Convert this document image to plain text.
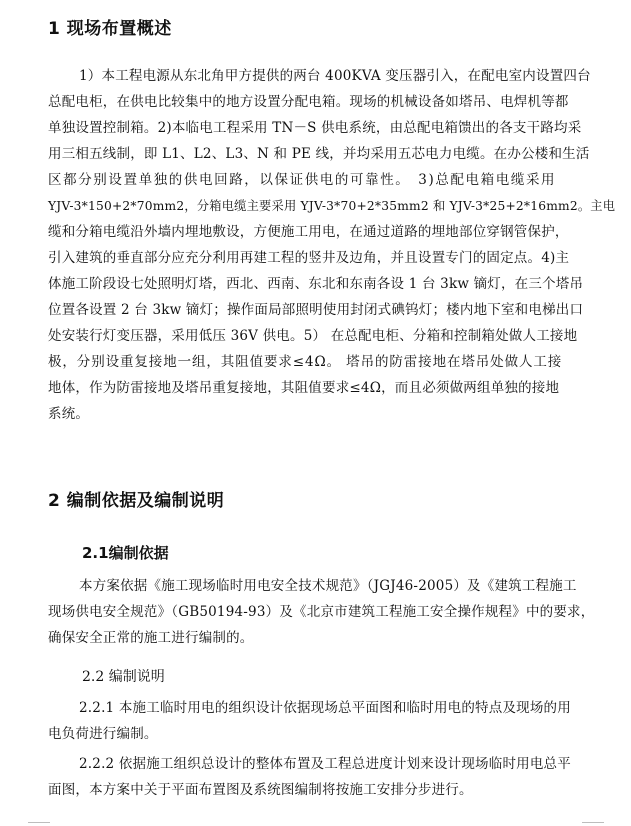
1 现场布置概述
1）本工程电源从东北角甲方提供的两台 400KVA 变压器引入，在配电室内设置四台
总配电柜，在供电比较集中的地方设置分配电箱。现场的机械设备如塔吊、电焊机等都
单独设置控制箱。2)本临电工程采用 TN－S 供电系统，由总配电箱馈出的各支干路均采
用三相五线制，即 L1、L2、L3、N 和 PE 线，并均采用五芯电力电缆。在办公楼和生活
区都分别设置单独的供电回路，以保证供电的可靠性。 3)总配电箱电缆采用
YJV-3*150+2*70mm2，分箱电缆主要采用 YJV-3*70+2*35mm2 和 YJV-3*25+2*16mm2。主电
缆和分箱电缆沿外墙内埋地敷设，方便施工用电，在通过道路的埋地部位穿钢管保护，
引入建筑的垂直部分应充分利用再建工程的竖井及边角，并且设置专门的固定点。4)主
体施工阶段设七处照明灯塔，西北、西南、东北和东南各设 1 台 3kw 镝灯，在三个塔吊
位置各设置 2 台 3kw 镝灯；操作面局部照明使用封闭式碘钨灯；楼内地下室和电梯出口
处安装行灯变压器，采用低压 36V 供电。5） 在总配电柜、分箱和控制箱处做人工接地
极，分别设重复接地一组，其阻值要求≤4Ω。 塔吊的防雷接地在塔吊处做人工接
地体，作为防雷接地及塔吊重复接地，其阻值要求≤4Ω，而且必须做两组单独的接地
系统。
2 编制依据及编制说明
2.1编制依据
本方案依据《施工现场临时用电安全技术规范》（JGJ46-2005）及《建筑工程施工
现场供电安全规范》（GB50194-93）及《北京市建筑工程施工安全操作规程》中的要求，
确保安全正常的施工进行编制的。
2.2 编制说明
2.2.1 本施工临时用电的组织设计依据现场总平面图和临时用电的特点及现场的用
电负荷进行编制。
2.2.2 依据施工组织总设计的整体布置及工程总进度计划来设计现场临时用电总平
面图，本方案中关于平面布置图及系统图编制将按施工安排分步进行。
